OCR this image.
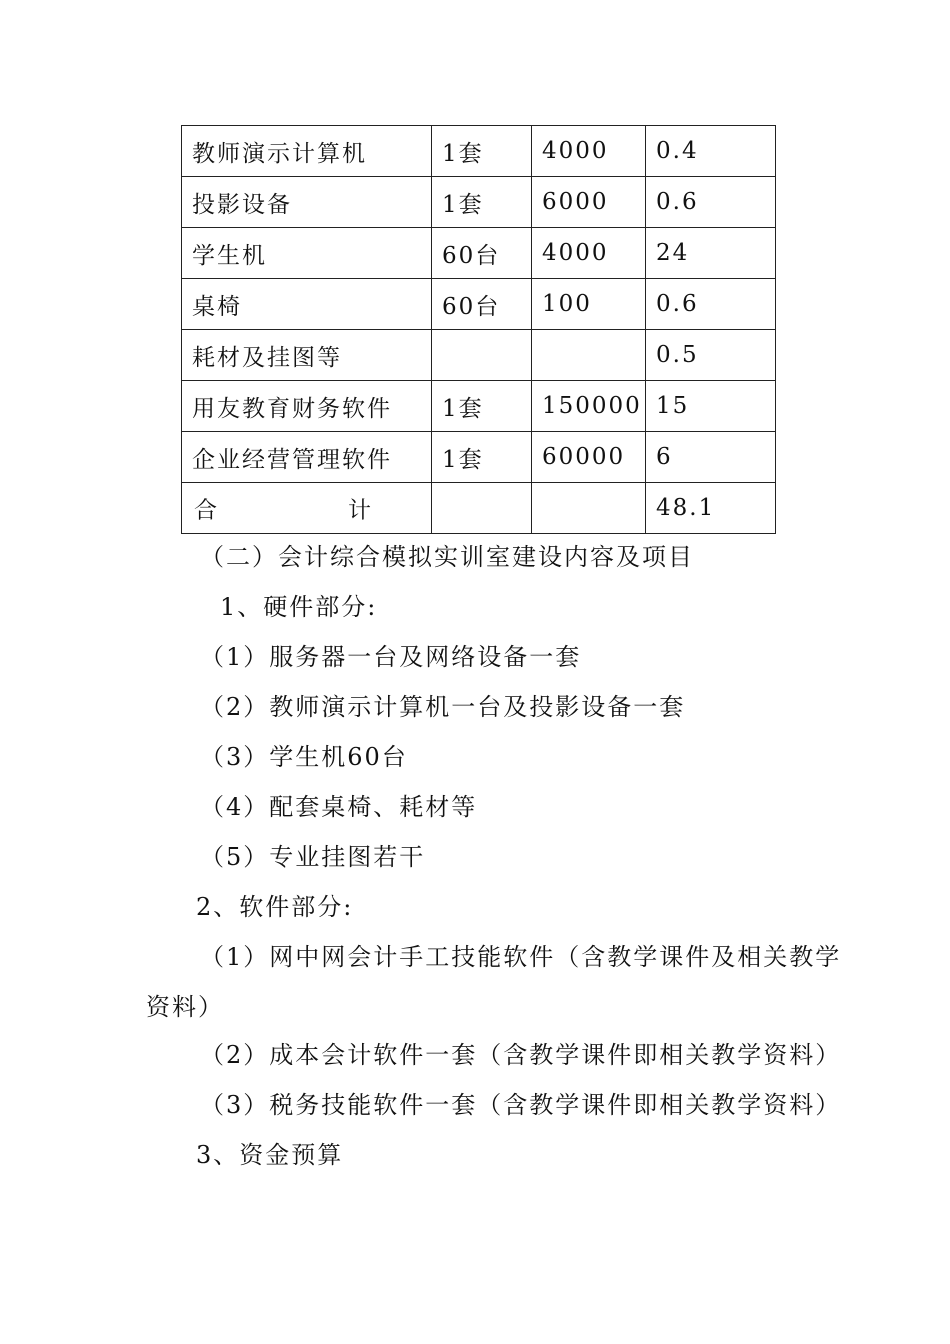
教师演示计算机	1套	4000	0.4
投影设备	1套	6000	0.6
学生机	60台	4000	24
桌椅	60台	100	0.6
耗材及挂图等			0.5
用友教育财务软件	1套	150000	15
企业经营管理软件	1套	60000	6

合 计			48.1
（二）会计综合模拟实训室建设内容及项目
1、硬件部分:
（1）服务器一台及网络设备一套
（2）教师演示计算机一台及投影设备一套
（3）学生机60台
（4）配套桌椅、耗材等
（5）专业挂图若干
2、软件部分:
（1）网中网会计手工技能软件（含教学课件及相关教学
资料）
（2）成本会计软件一套（含教学课件即相关教学资料）
（3）税务技能软件一套（含教学课件即相关教学资料）
3、资金预算
